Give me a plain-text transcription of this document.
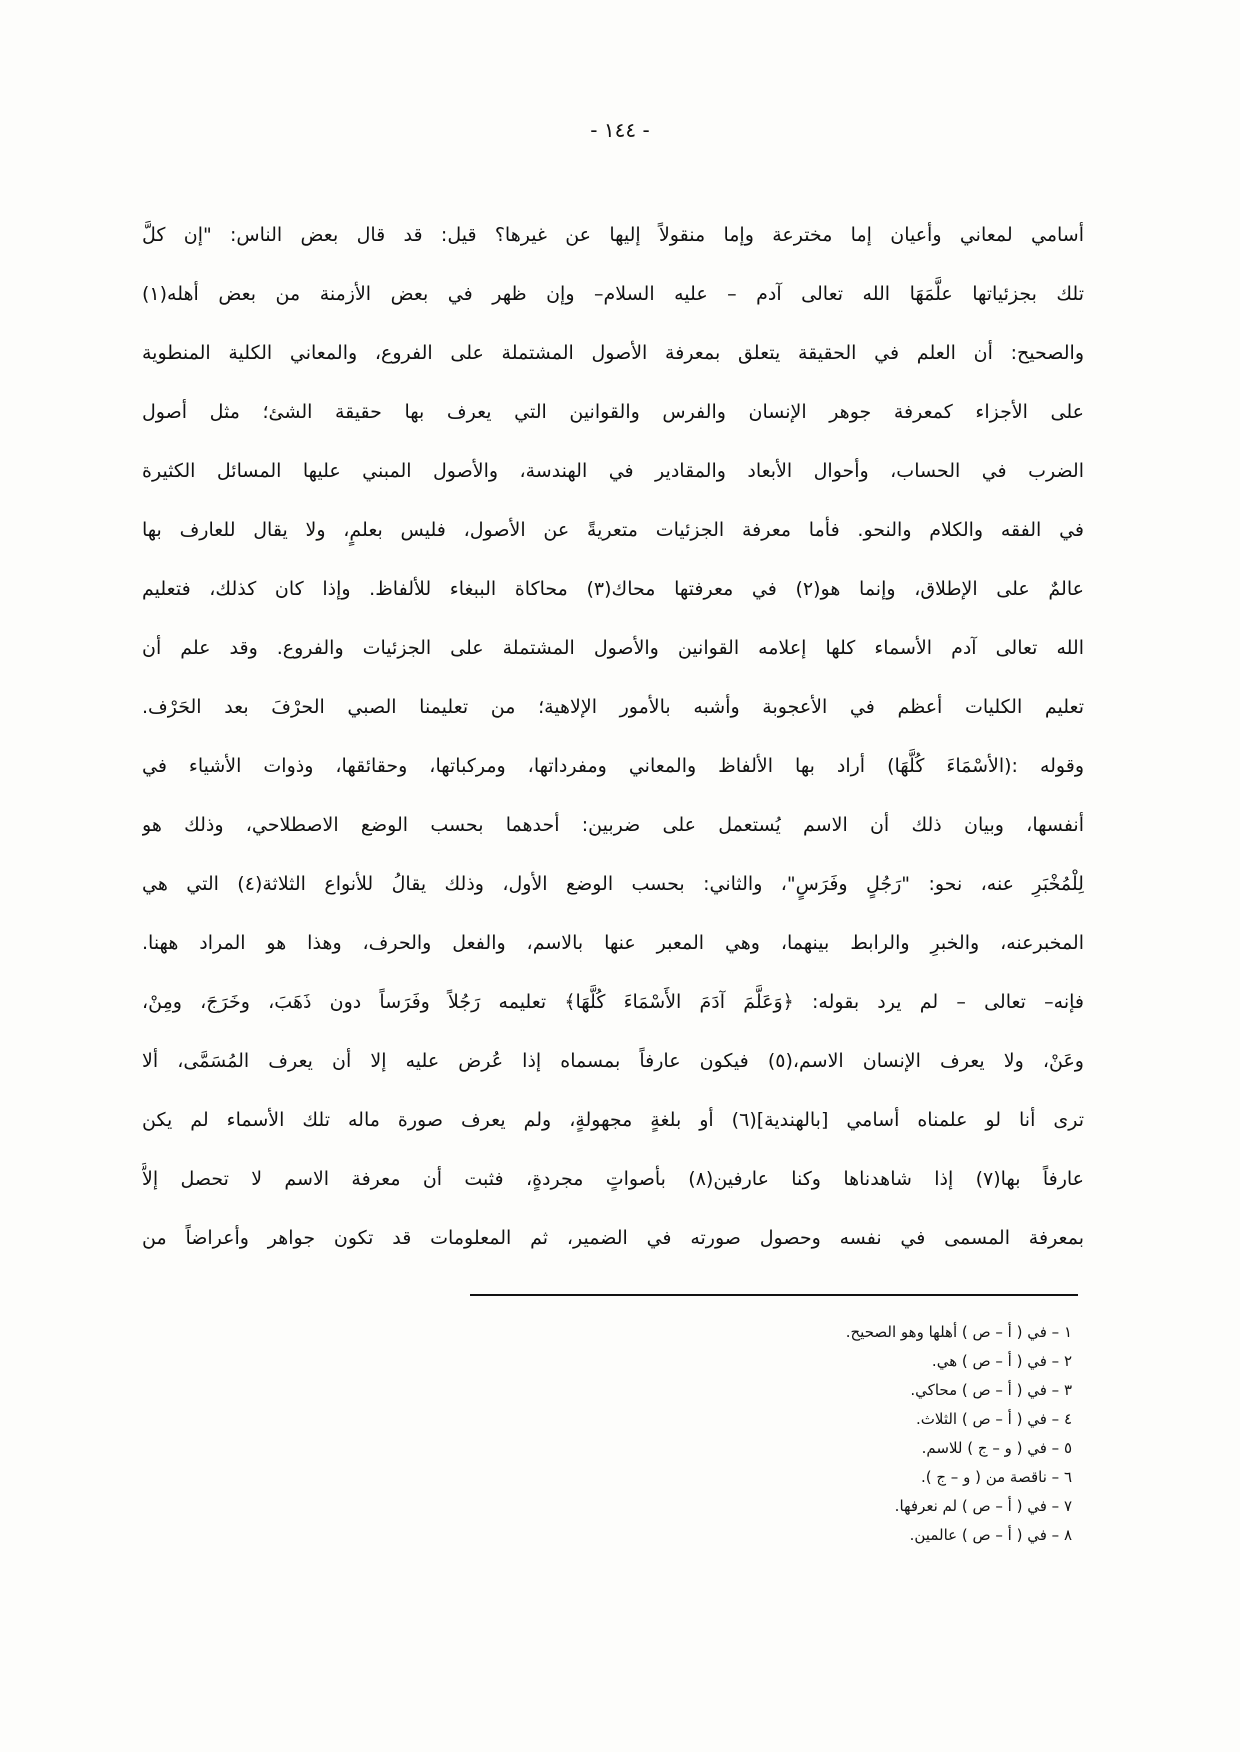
- ١٤٤ -
أسامي لمعاني وأعيان إما مخترعة وإما منقولاً إليها عن غيرها؟ قيل: قد قال بعض الناس: "إن كلَّ
تلك بجزئياتها علَّمَهَا الله تعالى آدم – عليه السلام– وإن ظهر في بعض الأزمنة من بعض أهله(١)
والصحيح: أن العلم في الحقيقة يتعلق بمعرفة الأصول المشتملة على الفروع، والمعاني الكلية المنطوية
على الأجزاء كمعرفة جوهر الإنسان والفرس والقوانين التي يعرف بها حقيقة الشئ؛ مثل أصول
الضرب في الحساب، وأحوال الأبعاد والمقادير في الهندسة، والأصول المبني عليها المسائل الكثيرة
في الفقه والكلام والنحو. فأما معرفة الجزئيات متعريةً عن الأصول، فليس بعلمٍ، ولا يقال للعارف بها
عالمٌ على الإطلاق، وإنما هو(٢) في معرفتها محاك(٣) محاكاة الببغاء للألفاظ. وإذا كان كذلك، فتعليم
الله تعالى آدم الأسماء كلها إعلامه القوانين والأصول المشتملة على الجزئيات والفروع. وقد علم أن
تعليم الكليات أعظم في الأعجوبة وأشبه بالأمور الإلاهية؛ من تعليمنا الصبي الحرْفَ بعد الحَرْف.
وقوله :(الأسْمَاءَ كُلَّهَا) أراد بها الألفاظ والمعاني ومفرداتها، ومركباتها، وحقائقها، وذوات الأشياء في
أنفسها، وبيان ذلك أن الاسم يُستعمل على ضربين: أحدهما بحسب الوضع الاصطلاحي، وذلك هو
لِلْمُخْبَرِ عنه، نحو: "رَجُلٍ وفَرَسٍ"، والثاني: بحسب الوضع الأول، وذلك يقالُ للأنواع الثلاثة(٤) التي هي
المخبرعنه، والخبرِ والرابط بينهما، وهي المعبر عنها بالاسم، والفعل والحرف، وهذا هو المراد ههنا.
فإنه– تعالى – لم يرد بقوله: ﴿وَعَلَّمَ آدَمَ الأَسْمَاءَ كُلَّهَا﴾ تعليمه رَجُلاً وفَرَساً دون ذَهَبَ، وخَرَجَ، ومِنْ،
وعَنْ، ولا يعرف الإنسان الاسم،(٥) فيكون عارفاً بمسماه إذا عُرض عليه إلا أن يعرف المُسَمَّى، ألا
ترى أنا لو علمناه أسامي [بالهندية](٦) أو بلغةٍ مجهولةٍ، ولم يعرف صورة ماله تلك الأسماء لم يكن
عارفاً بها(٧) إذا شاهدناها وكنا عارفين(٨) بأصواتٍ مجردةٍ، فثبت أن معرفة الاسم لا تحصل إلاَّ
بمعرفة المسمى في نفسه وحصول صورته في الضمير، ثم المعلومات قد تكون جواهر وأعراضاً من
١ – في ( أ – ص ) أهلها وهو الصحيح.
٢ – في ( أ – ص ) هي.
٣ – في ( أ – ص ) محاكي.
٤ – في ( أ – ص ) الثلاث.
٥ – في ( و – ج ) للاسم.
٦ – ناقصة من ( و – ج ).
٧ – في ( أ – ص ) لم نعرفها.
٨ – في ( أ – ص ) عالمين.
